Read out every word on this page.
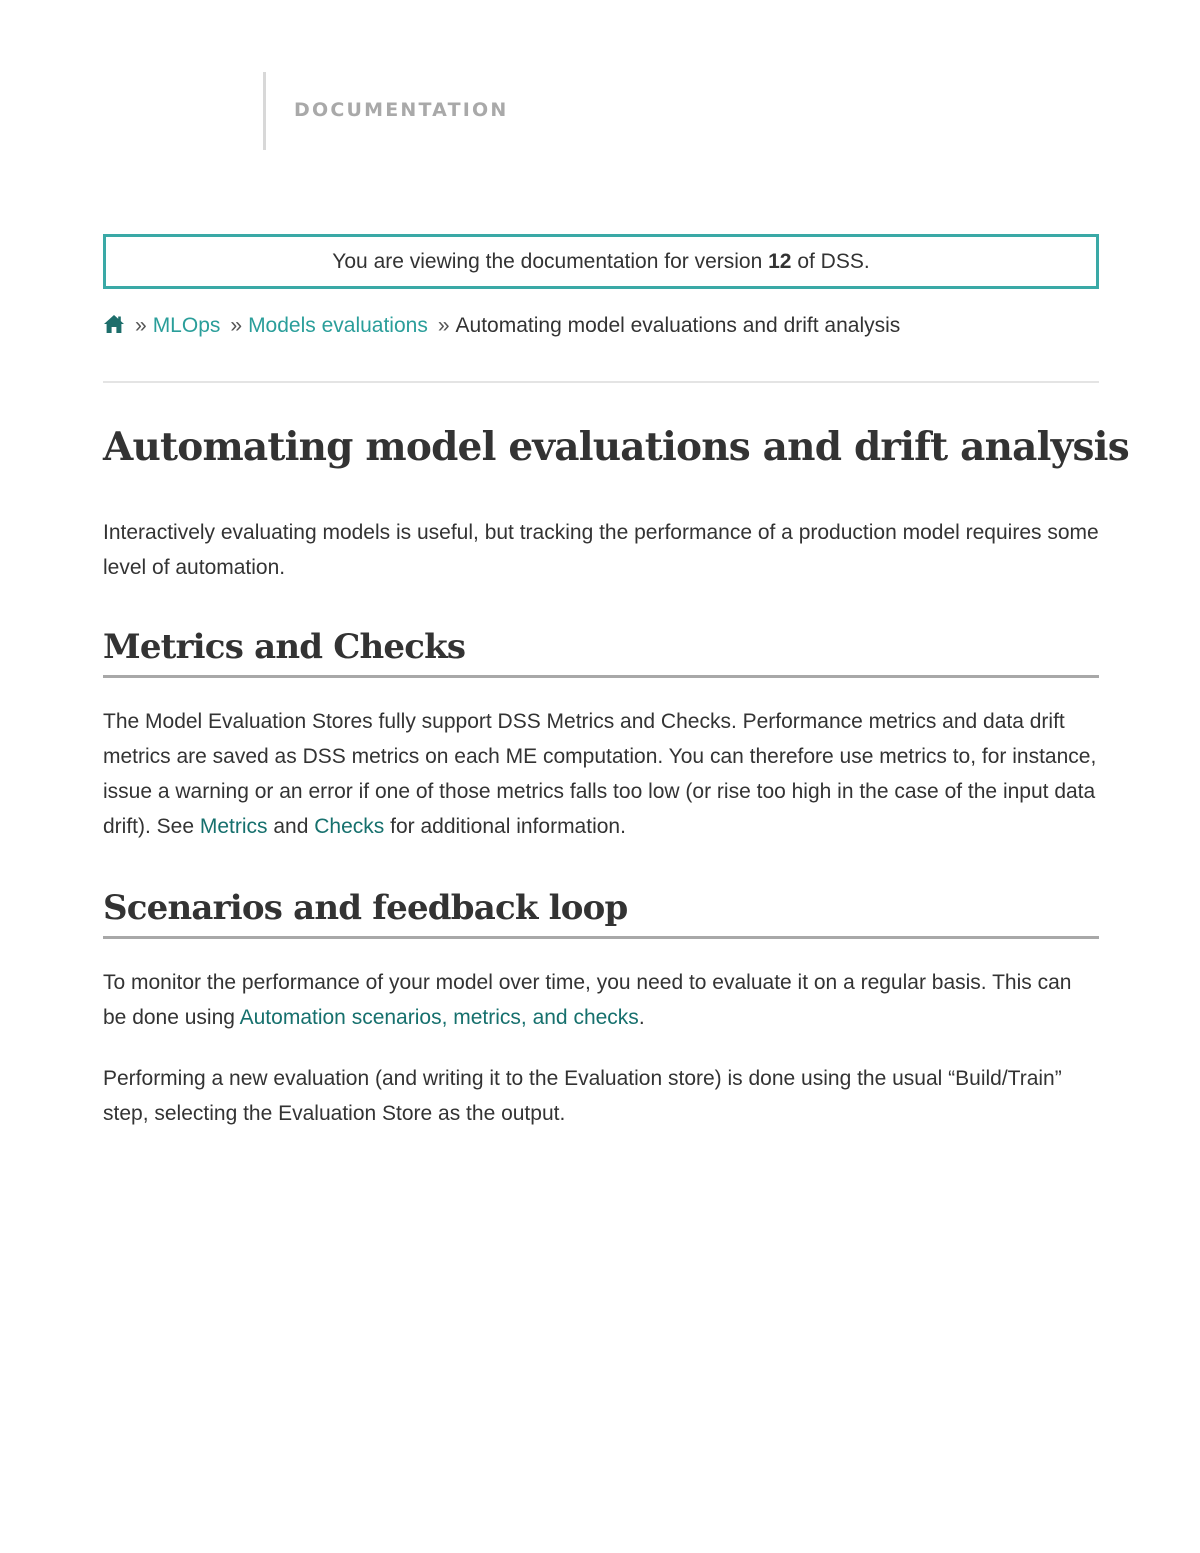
DOCUMENTATION
You are viewing the documentation for version 12 of DSS.
» MLOps » Models evaluations » Automating model evaluations and drift analysis
Automating model evaluations and drift analysis

Interactively evaluating models is useful, but tracking the performance of a production model requires some level of automation.

Metrics and Checks

The Model Evaluation Stores fully support DSS Metrics and Checks. Performance metrics and data drift metrics are saved as DSS metrics on each ME computation. You can therefore use metrics to, for instance, issue a warning or an error if one of those metrics falls too low (or rise too high in the case of the input data drift). See Metrics and Checks for additional information.

Scenarios and feedback loop

To monitor the performance of your model over time, you need to evaluate it on a regular basis. This can be done using Automation scenarios, metrics, and checks.

Performing a new evaluation (and writing it to the Evaluation store) is done using the usual “Build/Train” step, selecting the Evaluation Store as the output.
